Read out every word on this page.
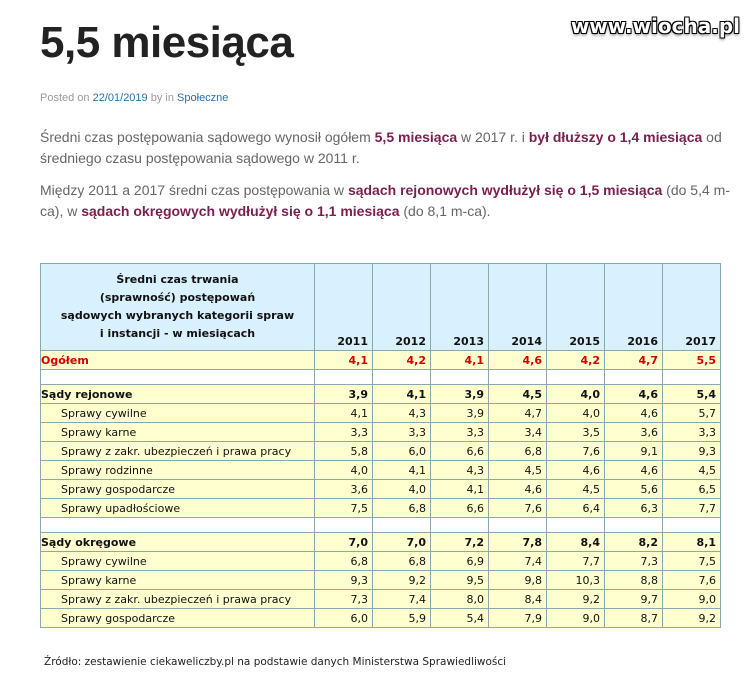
www.wiocha.pl
5,5 miesiąca
Posted on 22/01/2019 by in Społeczne

Średni czas postępowania sądowego wynosił ogółem 5,5 miesiąca w 2017 r. i był dłuższy o 1,4 miesiąca od średniego czasu postępowania sądowego w 2011 r.

Między 2011 a 2017 średni czas postępowania w sądach rejonowych wydłużył się o 1,5 miesiąca (do 5,4 m-ca), w sądach okręgowych wydłużył się o 1,1 miesiąca (do 8,1 m-ca).

Średni czas trwania
(sprawność) postępowań
sądowych wybranych kategorii spraw
i instancji - w miesiącach	2011	2012	2013	2014	2015	2016	2017
Ogółem	4,1	4,2	4,1	4,6	4,2	4,7	5,5

Sądy rejonowe	3,9	4,1	3,9	4,5	4,0	4,6	5,4
Sprawy cywilne	4,1	4,3	3,9	4,7	4,0	4,6	5,7
Sprawy karne	3,3	3,3	3,3	3,4	3,5	3,6	3,3
Sprawy z zakr. ubezpieczeń i prawa pracy	5,8	6,0	6,6	6,8	7,6	9,1	9,3
Sprawy rodzinne	4,0	4,1	4,3	4,5	4,6	4,6	4,5
Sprawy gospodarcze	3,6	4,0	4,1	4,6	4,5	5,6	6,5
Sprawy upadłościowe	7,5	6,8	6,6	7,6	6,4	6,3	7,7

Sądy okręgowe	7,0	7,0	7,2	7,8	8,4	8,2	8,1
Sprawy cywilne	6,8	6,8	6,9	7,4	7,7	7,3	7,5
Sprawy karne	9,3	9,2	9,5	9,8	10,3	8,8	7,6
Sprawy z zakr. ubezpieczeń i prawa pracy	7,3	7,4	8,0	8,4	9,2	9,7	9,0
Sprawy gospodarcze	6,0	5,9	5,4	7,9	9,0	8,7	9,2
Źródło: zestawienie ciekaweliczby.pl na podstawie danych Ministerstwa Sprawiedliwości
